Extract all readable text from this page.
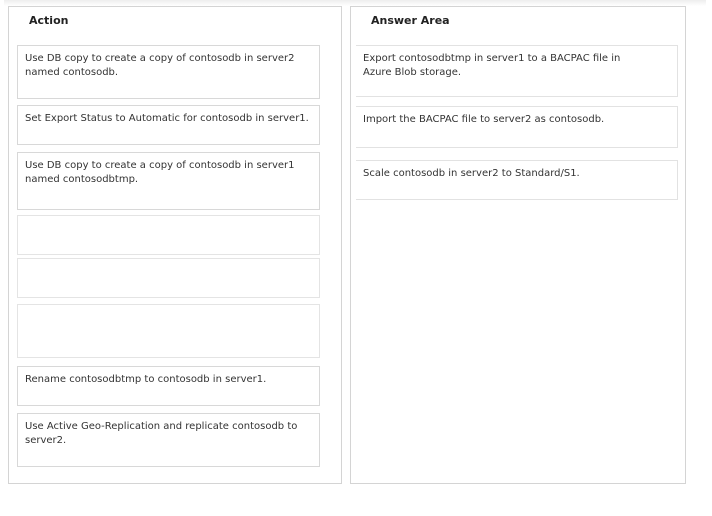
Action
Use DB copy to create a copy of contosodb in server2
named contosodb.
Set Export Status to Automatic for contosodb in server1.
Use DB copy to create a copy of contosodb in server1
named contosodbtmp.
Rename contosodbtmp to contosodb in server1.
Use Active Geo-Replication and replicate contosodb to
server2.
Answer Area
Export contosodbtmp in server1 to a BACPAC file in
Azure Blob storage.
Import the BACPAC file to server2 as contosodb.
Scale contosodb in server2 to Standard/S1.
